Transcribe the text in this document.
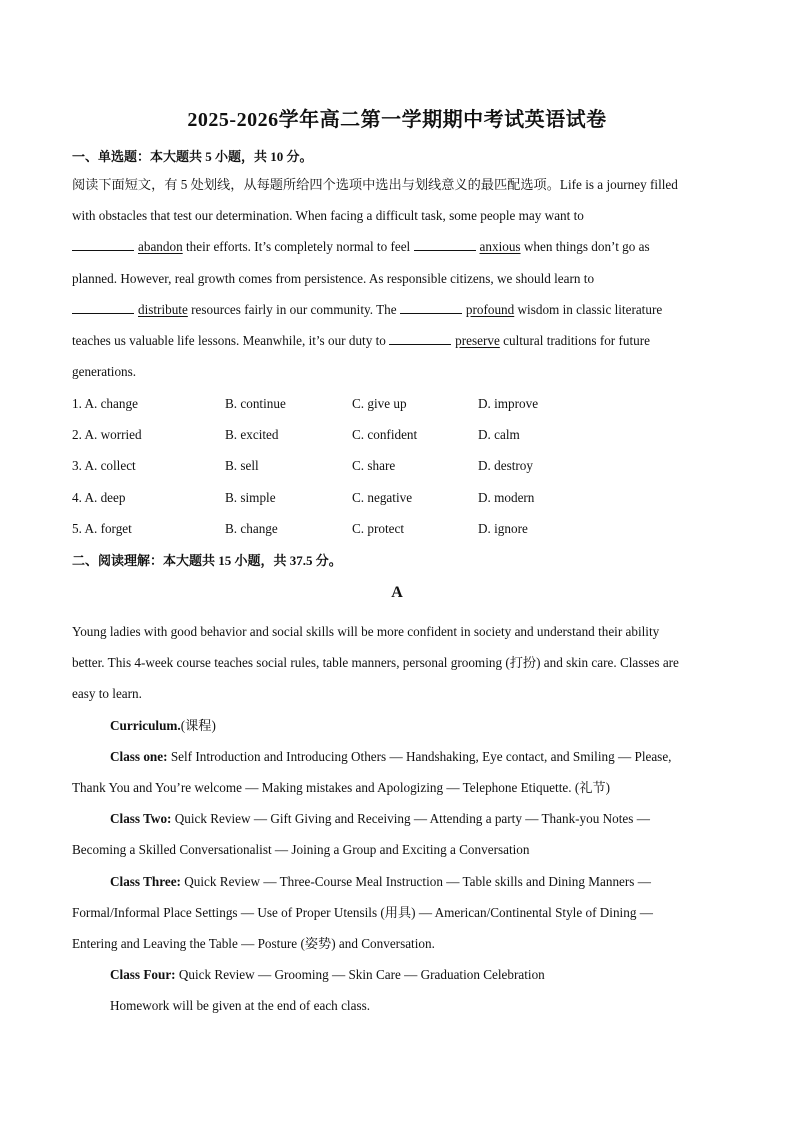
2025-2026学年高二第一学期期中考试英语试卷
一、单选题：本大题共 5 小题，共 10 分。
阅读下面短文，有 5 处划线，从每题所给四个选项中选出与划线意义的最匹配选项。Life is a journey filled
with obstacles that test our determination. When facing a difficult task, some people may want to
abandon their efforts. It’s completely normal to feel	anxious when things don’t go as
planned. However, real growth comes from persistence. As responsible citizens, we should learn to
distribute resources fairly in our community. The	profound wisdom in classic literature
teaches us valuable life lessons. Meanwhile, it’s our duty to	preserve cultural traditions for future
generations.
1. A. change	B. continue	C. give up	D. improve
2. A. worried	B. excited	C. confident	D. calm
3. A. collect	B. sell	C. share	D. destroy
4. A. deep	B. simple	C. negative	D. modern
5. A. forget	B. change	C. protect	D. ignore
二、阅读理解：本大题共 15 小题，共 37.5 分。
A
Young ladies with good behavior and social skills will be more confident in society and understand their ability
better. This 4-week course teaches social rules, table manners, personal grooming (打扮) and skin care. Classes are
easy to learn.
Curriculum.(课程)
Class one: Self Introduction and Introducing Others — Handshaking, Eye contact, and Smiling — Please,
Thank You and You’re welcome — Making mistakes and Apologizing — Telephone Etiquette. (礼节)
Class Two: Quick Review — Gift Giving and Receiving — Attending a party — Thank-you Notes —
Becoming a Skilled Conversationalist — Joining a Group and Exciting a Conversation
Class Three: Quick Review — Three-Course Meal Instruction — Table skills and Dining Manners —
Formal/Informal Place Settings — Use of Proper Utensils (用具) — American/Continental Style of Dining —
Entering and Leaving the Table — Posture (姿势) and Conversation.
Class Four: Quick Review — Grooming — Skin Care — Graduation Celebration
Homework will be given at the end of each class.
